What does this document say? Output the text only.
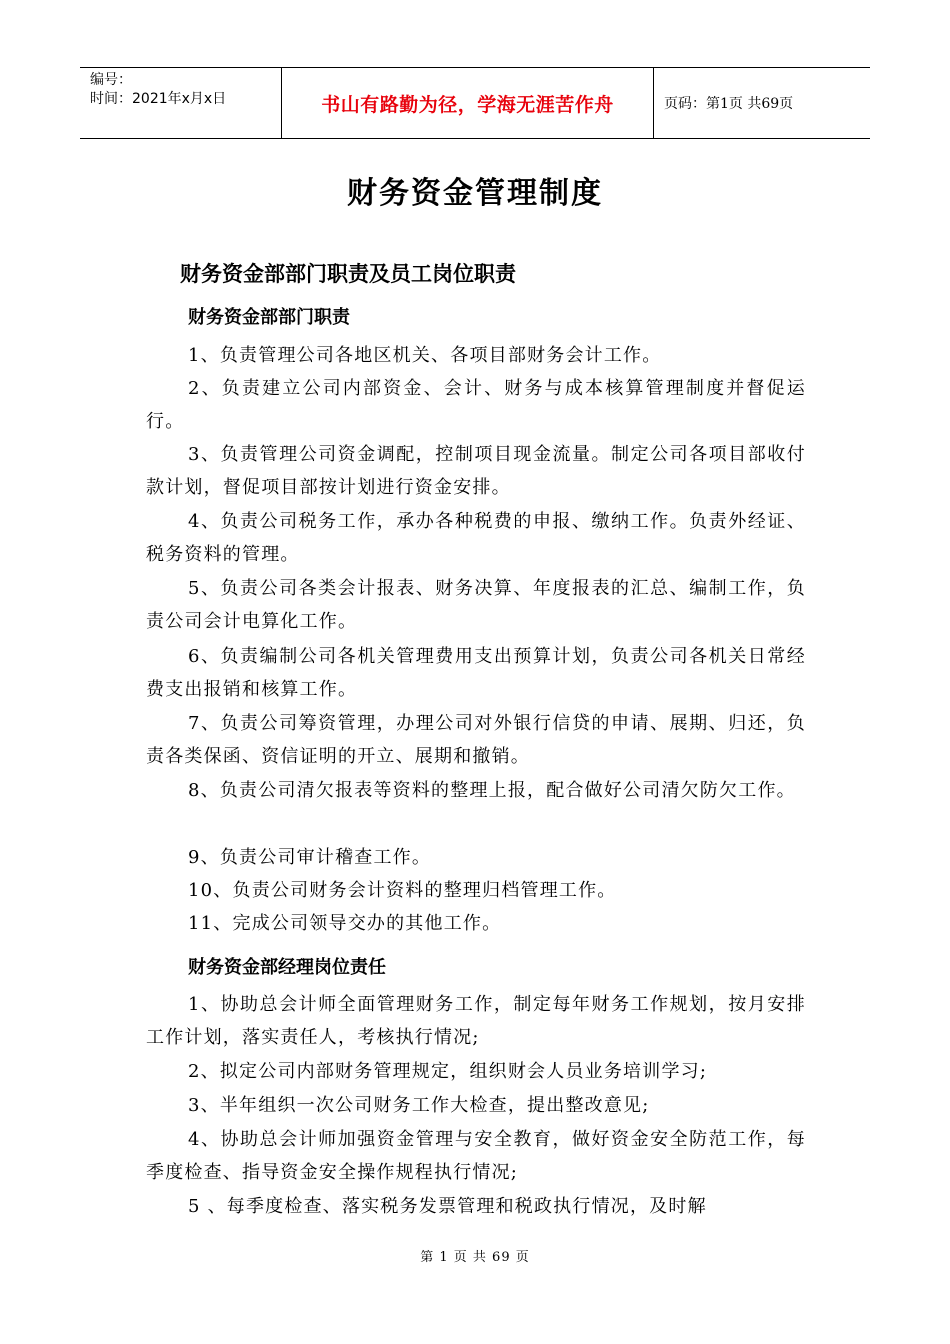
编号：
时间：2021年x月x日	书山有路勤为径，学海无涯苦作舟	页码：第1页 共69页
财务资金管理制度
财务资金部部门职责及员工岗位职责
财务资金部部门职责
1、负责管理公司各地区机关、各项目部财务会计工作。
2、负责建立公司内部资金、会计、财务与成本核算管理制度并督促运行。
3、负责管理公司资金调配，控制项目现金流量。制定公司各项目部收付款计划，督促项目部按计划进行资金安排。
4、负责公司税务工作，承办各种税费的申报、缴纳工作。负责外经证、税务资料的管理。
5、负责公司各类会计报表、财务决算、年度报表的汇总、编制工作，负责公司会计电算化工作。
6、负责编制公司各机关管理费用支出预算计划，负责公司各机关日常经费支出报销和核算工作。
7、负责公司筹资管理，办理公司对外银行信贷的申请、展期、归还，负责各类保函、资信证明的开立、展期和撤销。
8、负责公司清欠报表等资料的整理上报，配合做好公司清欠防欠工作。
9、负责公司审计稽查工作。
10、负责公司财务会计资料的整理归档管理工作。
11、完成公司领导交办的其他工作。
财务资金部经理岗位责任
1、协助总会计师全面管理财务工作，制定每年财务工作规划，按月安排工作计划，落实责任人，考核执行情况;
2、拟定公司内部财务管理规定，组织财会人员业务培训学习;
3、半年组织一次公司财务工作大检查，提出整改意见;
4、协助总会计师加强资金管理与安全教育，做好资金安全防范工作，每季度检查、指导资金安全操作规程执行情况;
5 、每季度检查、落实税务发票管理和税政执行情况，及时解
第 1 页 共 69 页
